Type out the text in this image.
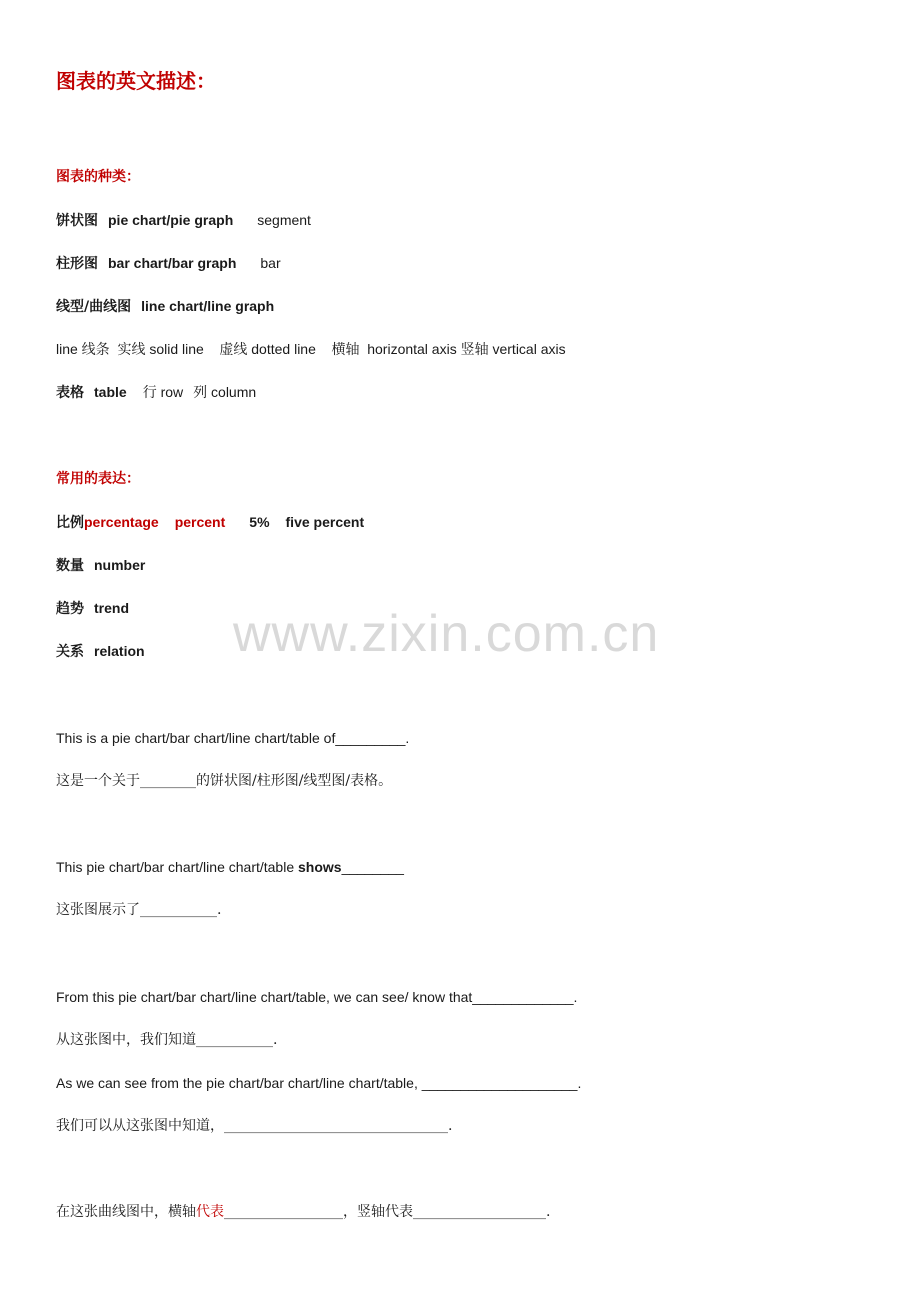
图表的英文描述：
图表的种类：
饼状图 pie chart/pie graph segment
柱形图 bar chart/bar graph bar
线型/曲线图 line chart/line graph
line 线条  实线 solid line    虚线 dotted line    横轴  horizontal axis 竖轴 vertical axis
表格 table 行 row 列 column
常用的表达：
比例percentage percent 5% five percent
数量 number
趋势 trend
关系 relation www.zixin.com.cn
This is a pie chart/bar chart/line chart/table of_________.
这是一个关于________的饼状图/柱形图/线型图/表格。
This pie chart/bar chart/line chart/table shows________
这张图展示了___________.
From this pie chart/bar chart/line chart/table, we can see/ know that_____________.
从这张图中，我们知道___________.
As we can see from the pie chart/bar chart/line chart/table, ____________________.
我们可以从这张图中知道，________________________________.
在这张曲线图中，横轴代表_________________，竖轴代表___________________.
